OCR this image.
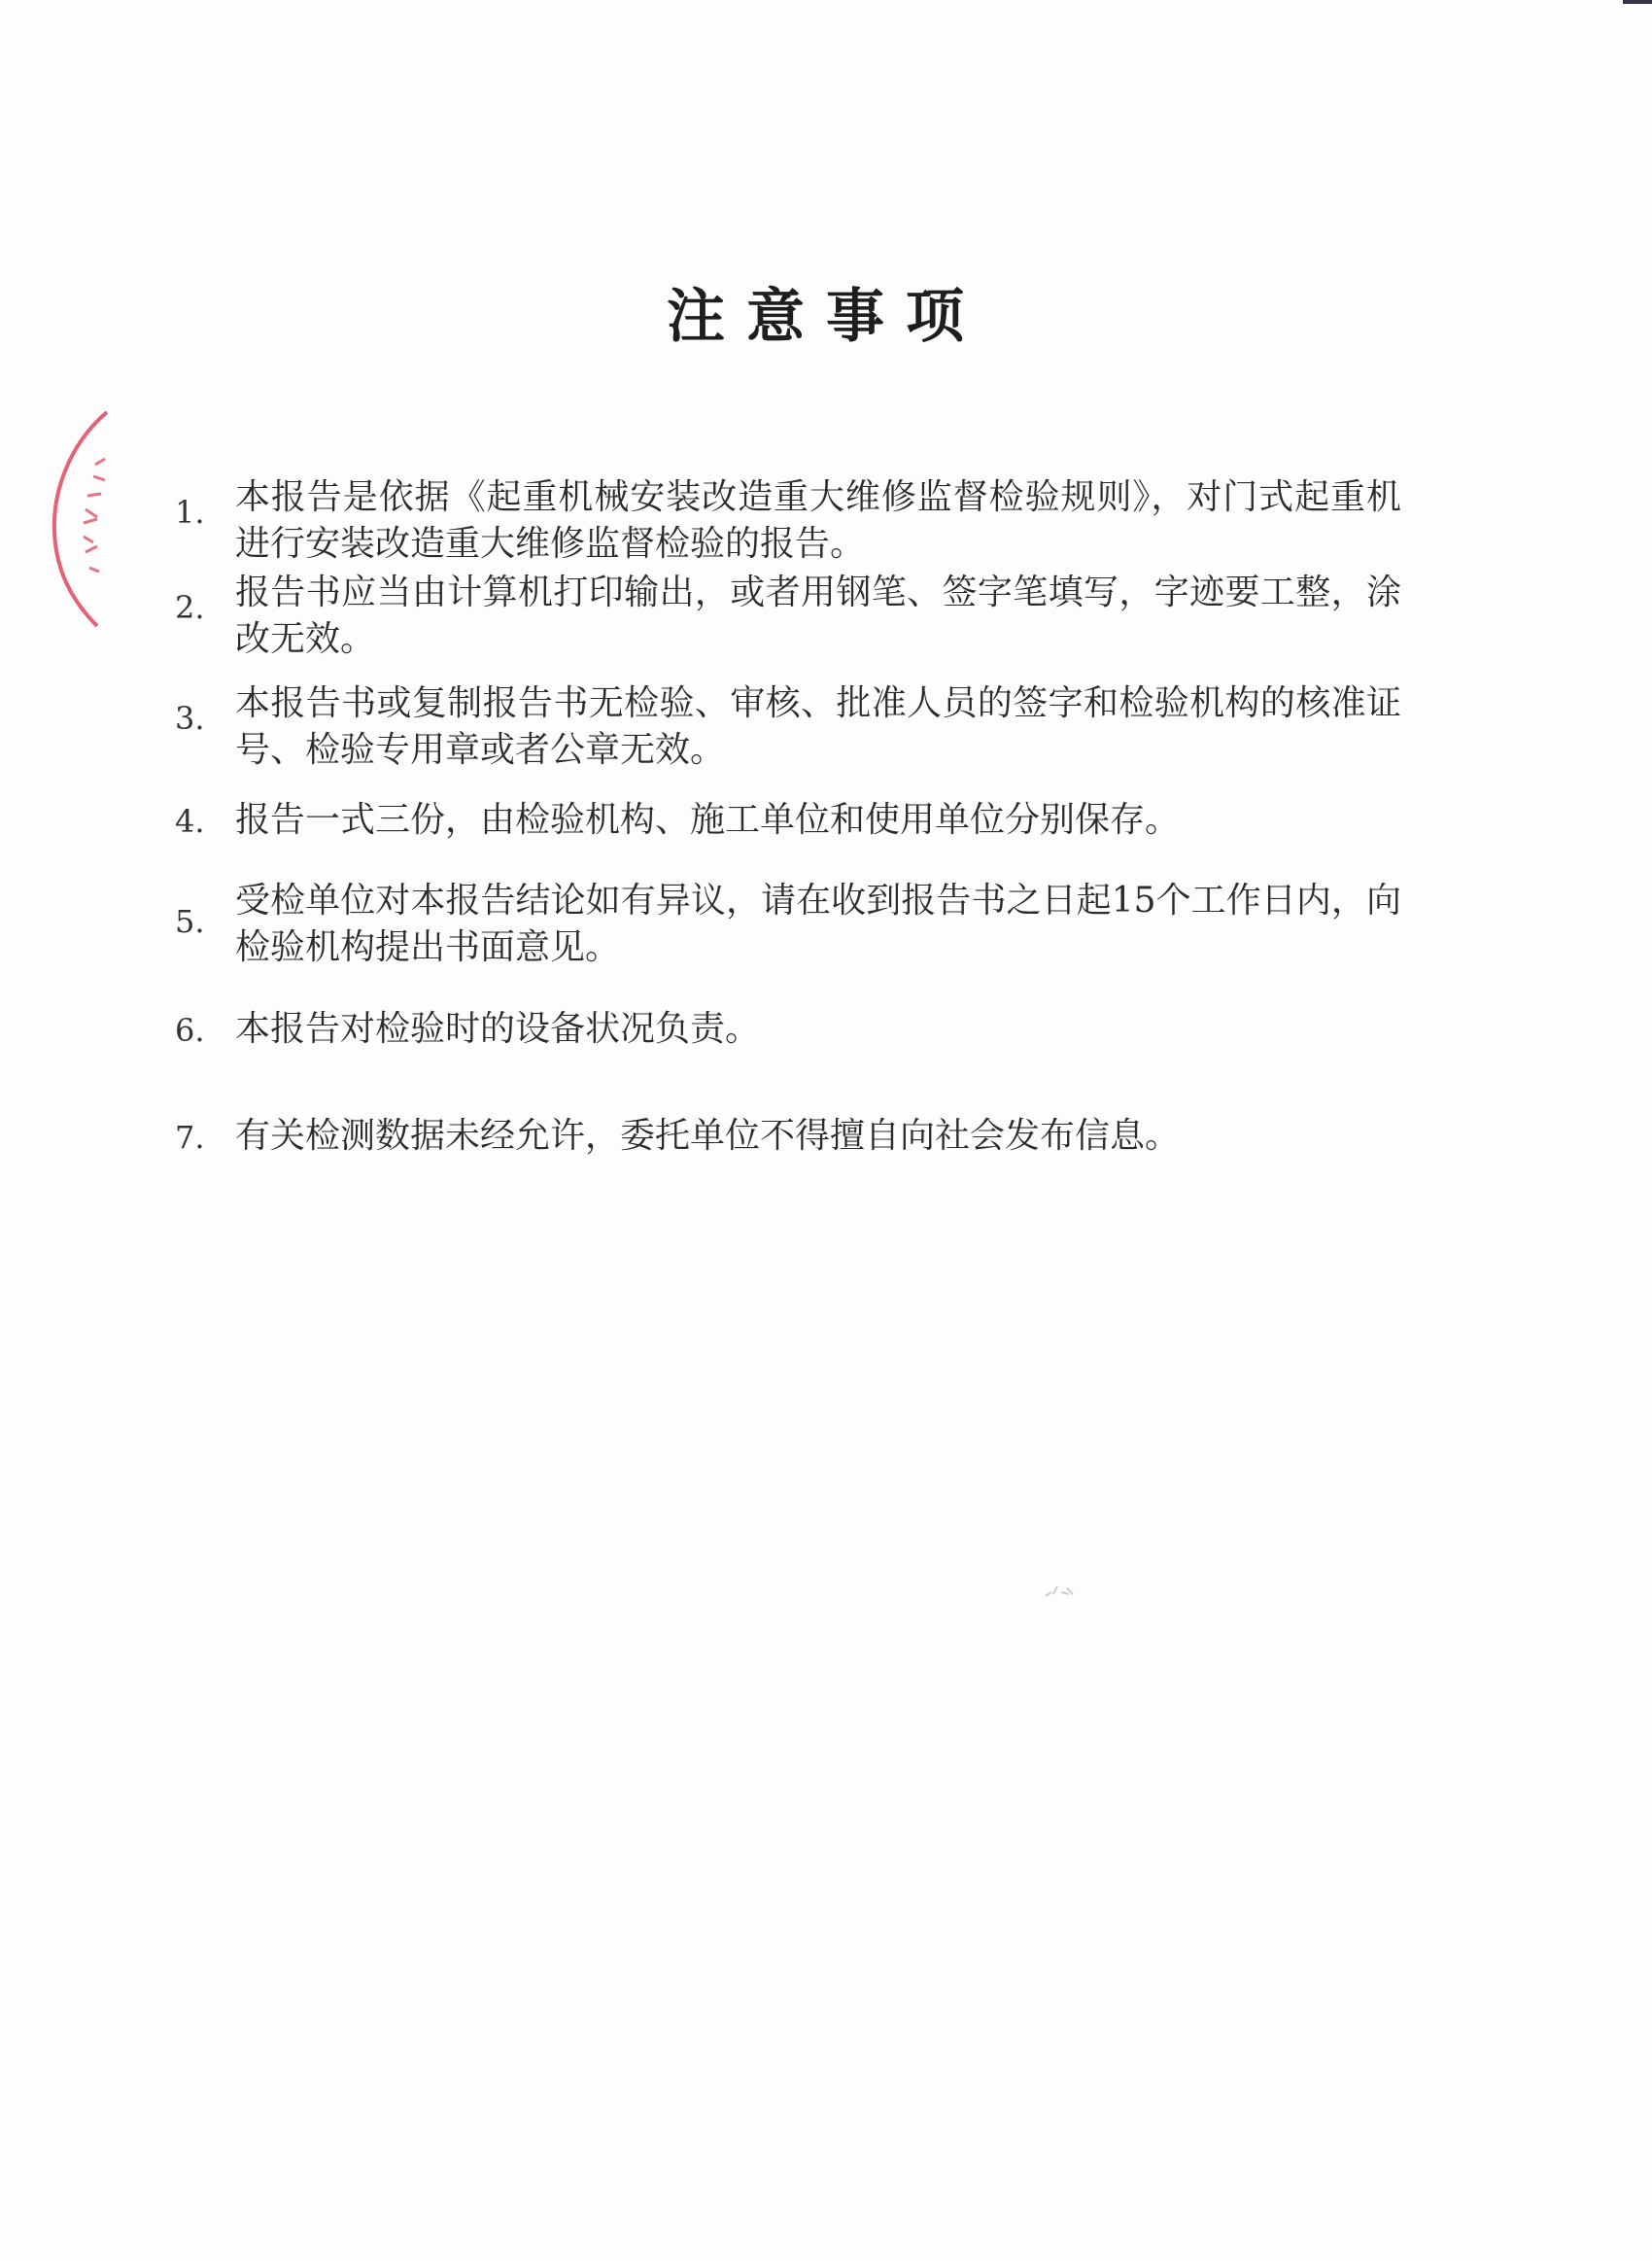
注意事项
1. 本报告是依据《起重机械安装改造重大维修监督检验规则》，对门式起重机进行安装改造重大维修监督检验的报告。
2. 报告书应当由计算机打印输出，或者用钢笔、签字笔填写，字迹要工整，涂改无效。
3. 本报告书或复制报告书无检验、审核、批准人员的签字和检验机构的核准证号、检验专用章或者公章无效。
4. 报告一式三份，由检验机构、施工单位和使用单位分别保存。
5.
受检单位对本报告结论如有异议，请在收到报告书之日起15个工作日内，向检验机构提出书面意见。
6. 本报告对检验时的设备状况负责。
7. 有关检测数据未经允许，委托单位不得擅自向社会发布信息。
